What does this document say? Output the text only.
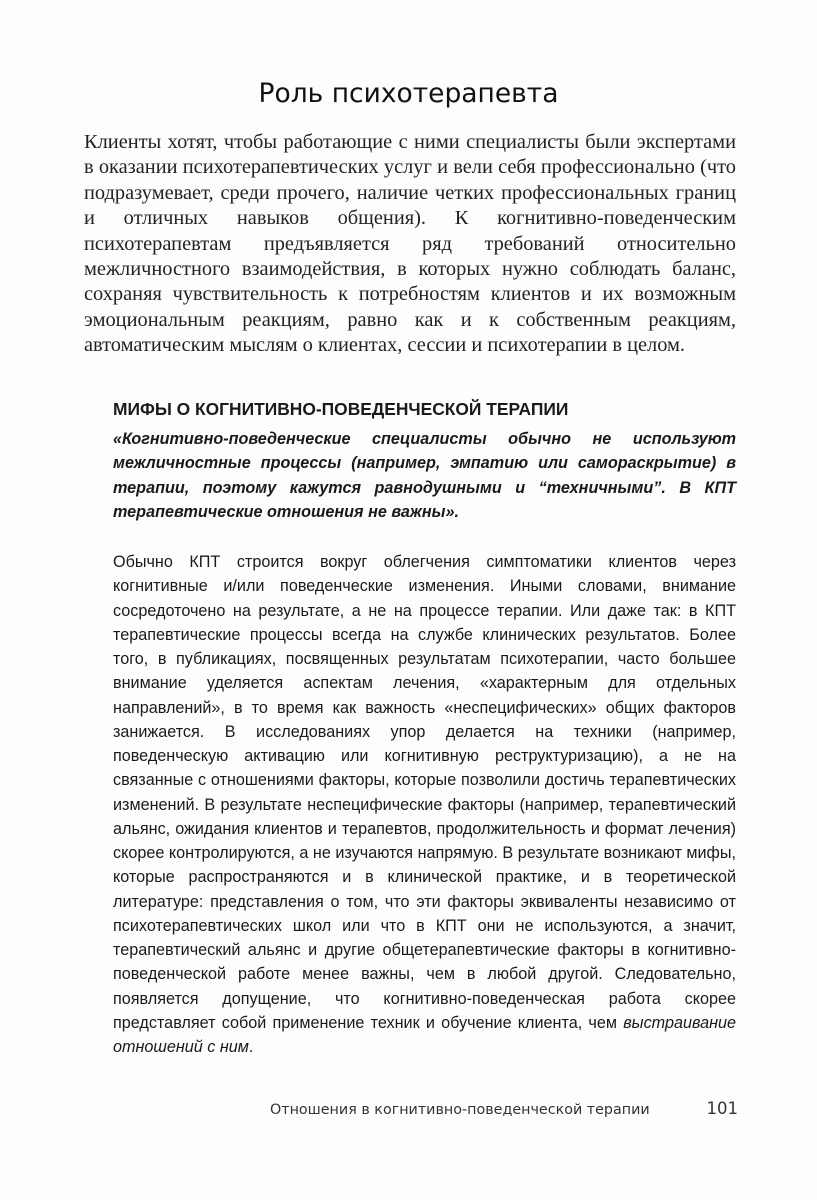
Роль психотерапевта

Клиенты хотят, чтобы работающие с ними специалисты были экспертами в оказании психотерапевтических услуг и вели себя профессионально (что подразумевает, среди прочего, наличие четких профессиональных границ и отличных навыков общения). К когнитивно-поведенческим психотерапевтам предъявляется ряд требований относительно межличностного взаимодействия, в которых нужно соблюдать баланс, сохраняя чувствительность к потребностям клиентов и их возможным эмоциональным реакциям, равно как и к собственным реакциям, автоматическим мыслям о клиентах, сессии и психотерапии в целом.

МИФЫ О КОГНИТИВНО-ПОВЕДЕНЧЕСКОЙ ТЕРАПИИ

«Когнитивно-поведенческие специалисты обычно не используют межличностные процессы (например, эмпатию или самораскрытие) в терапии, поэтому кажутся равнодушными и “техничными”. В КПТ терапевтические отношения не важны».

Обычно КПТ строится вокруг облегчения симптоматики клиентов через когнитивные и/или поведенческие изменения. Иными словами, внимание сосредоточено на результате, а не на процессе терапии. Или даже так: в КПТ терапевтические процессы всегда на службе клинических результатов. Более того, в публикациях, посвященных результатам психотерапии, часто большее внимание уделяется аспектам лечения, «характерным для отдельных направлений», в то время как важность «неспецифических» общих факторов занижается. В исследованиях упор делается на техники (например, поведенческую активацию или когнитивную реструктуризацию), а не на связанные с отношениями факторы, которые позволили достичь терапевтических изменений. В результате неспецифические факторы (например, терапевтический альянс, ожидания клиентов и терапевтов, продолжительность и формат лечения) скорее контролируются, а не изучаются напрямую. В результате возникают мифы, которые распространяются и в клинической практике, и в теоретической литературе: представления о том, что эти факторы эквиваленты независимо от психотерапевтических школ или что в КПТ они не используются, а значит, терапевтический альянс и другие общетерапевтические факторы в когнитивно-поведенческой работе менее важны, чем в любой другой. Следовательно, появляется допущение, что когнитивно-поведенческая работа скорее представляет собой применение техник и обучение клиента, чем выстраивание отношений с ним.

Отношения в когнитивно-поведенческой терапии	101
